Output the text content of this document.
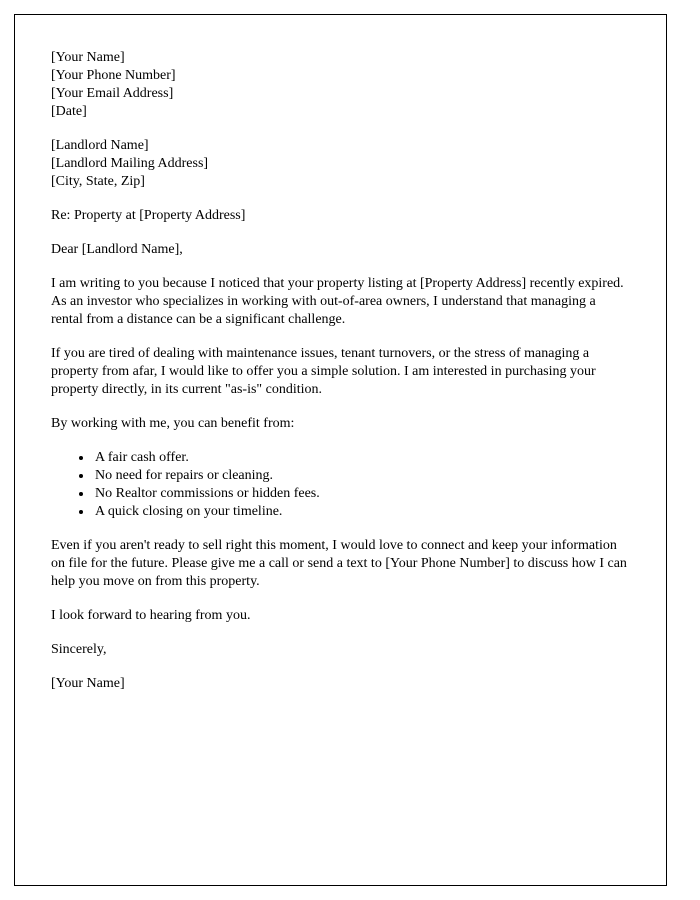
[Your Name]
[Your Phone Number]
[Your Email Address]
[Date]
[Landlord Name]
[Landlord Mailing Address]
[City, State, Zip]

Re: Property at [Property Address]

Dear [Landlord Name],

I am writing to you because I noticed that your property listing at [Property Address] recently expired. As an investor who specializes in working with out-of-area owners, I understand that managing a rental from a distance can be a significant challenge.

If you are tired of dealing with maintenance issues, tenant turnovers, or the stress of managing a property from afar, I would like to offer you a simple solution. I am interested in purchasing your property directly, in its current "as-is" condition.

By working with me, you can benefit from:

• A fair cash offer.
• No need for repairs or cleaning.
• No Realtor commissions or hidden fees.
• A quick closing on your timeline.

Even if you aren't ready to sell right this moment, I would love to connect and keep your information on file for the future. Please give me a call or send a text to [Your Phone Number] to discuss how I can help you move on from this property.

I look forward to hearing from you.

Sincerely,

[Your Name]
